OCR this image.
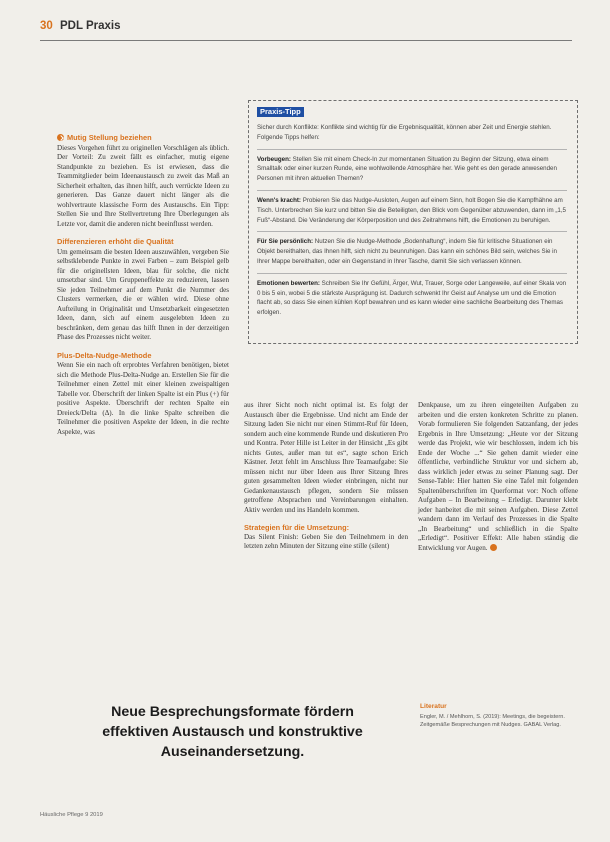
30 PDL Praxis
Praxis-Tipp

Sicher durch Konflikte: Konflikte sind wichtig für die Ergebnisqualität, können aber Zeit und Energie stehlen. Folgende Tipps helfen:

Vorbeugen: Stellen Sie mit einem Check-In zur momentanen Situation zu Beginn der Sitzung, etwa einem Smalltalk oder einer kurzen Runde, eine wohlwollende Atmosphäre her. Wie geht es den gerade anwesenden Personen mit ihren aktuellen Themen?

Wenn's kracht: Probieren Sie das Nudge-Ausloten, Augen auf einem Sinn, holt Bogen Sie die Kampfhähne am Tisch. Unterbrechen Sie kurz und bitten Sie die Beteiligten, den Blick vom Gegenüber abzuwenden, dann im „1,5 Fuß“-Abstand. Die Veränderung der Körperposition und des Zeitrahmens hilft, die Emotionen zu beruhigen.

Für Sie persönlich: Nutzen Sie die Nudge-Methode „Bodenhaftung“, indem Sie für kritische Situationen ein Objekt bereithalten, das Ihnen hilft, sich nicht zu beunruhigen. Das kann ein schönes Bild sein, welches Sie in Ihrer Mappe bereithalten, oder ein Gegenstand in Ihrer Tasche, damit Sie sich verlassen können.

Emotionen bewerten: Schreiben Sie Ihr Gefühl, Ärger, Wut, Trauer, Sorge oder Langeweile, auf einer Skala von 0 bis 5 ein, wobei 5 die stärkste Ausprägung ist. Dadurch schwenkt Ihr Geist auf Analyse um und die Emotion flacht ab, so dass Sie einen kühlen Kopf bewahren und es kann wieder eine sachliche Bearbeitung des Themas erfolgen.

Mutig Stellung beziehen

Dieses Vorgehen führt zu originellen Vorschlägen als üblich. Der Vorteil: Zu zweit fällt es einfacher, mutig eigene Standpunkte zu beziehen. Es ist erwiesen, dass die Teammitglieder beim Ideenaustausch zu zweit das Maß an Sicherheit erhalten, das ihnen hilft, auch verrückte Ideen zu generieren. Das Ganze dauert nicht länger als die wohlvertraute klassische Form des Austauschs. Ein Tipp: Stellen Sie und Ihre Stellvertretung Ihre Überlegungen als Letzte vor, damit die anderen nicht beeinflusst werden.

Differenzieren erhöht die Qualität

Um gemeinsam die besten Ideen auszuwählen, vergeben Sie selbstklebende Punkte in zwei Farben – zum Beispiel gelb für die originellsten Ideen, blau für solche, die nicht umsetzbar sind. Um Gruppeneffekte zu reduzieren, lassen Sie jeden Teilnehmer auf dem Punkt die Nummer des Clusters vermerken, die er wählen wird. Diese ohne Aufteilung in Originalität und Umsetzbarkeit eingesetzten Ideen, dann, sich auf einem ausgelebten Ideen zu beschränken, dem genau das hilft Ihnen in der derzeitigen Phase des Prozesses nicht weiter.

Plus-Delta-Nudge-Methode

Wenn Sie ein nach oft erprobtes Verfahren benötigen, bietet sich die Methode Plus-Delta-Nudge an. Erstellen Sie für die Teilnehmer einen Zettel mit einer kleinen zweispaltigen Tabelle vor. Überschrift der linken Spalte ist ein Plus (+) für positive Aspekte. Überschrift der rechten Spalte ein Dreieck/Delta (Δ). In die linke Spalte schreiben die Teilnehmer die positiven Aspekte der Ideen, in die rechte Aspekte, was

aus ihrer Sicht noch nicht optimal ist. Es folgt der Austausch über die Ergebnisse. Und nicht am Ende der Sitzung laden Sie nicht nur einen Stimmt-Ruf für Ideen, sondern auch eine kommende Runde und diskutieren Pro und Kontra. Peter Hille ist Leiter in der Hinsicht „Es gibt nichts Gutes, außer man tut es“, sagte schon Erich Kästner. Jetzt fehlt im Anschluss Ihre Teamaufgabe: Sie müssen nicht nur über Ideen aus Ihrer Sitzung Ihres guten gesammelten Ideen wieder einbringen, nicht nur Gedankenaustausch pflegen, sondern Sie müssen getroffene Absprachen und Vereinbarungen einhalten. Aktiv werden und ins Handeln kommen.

Strategien für die Umsetzung:

Das Silent Finish: Geben Sie den Teilnehmern in den letzten zehn Minuten der Sitzung eine stille (silent)

Denkpause, um zu ihren eingeteilten Aufgaben zu arbeiten und die ersten konkreten Schritte zu planen. Vorab formulieren Sie folgenden Satzanfang, der jedes Ergebnis in Ihre Umsetzung: „Heute vor der Sitzung werde das Projekt, wie wir beschlossen, indem ich bis Ende der Woche ...“ Sie gehen damit wieder eine öffentliche, verbindliche Struktur vor und sichern ab, dass wirklich jeder etwas zu seiner Planung sagt. Der Sense-Table: Hier hatten Sie eine Tafel mit folgenden Spaltenüberschriften im Querformat vor: Noch offene Aufgaben – In Bearbeitung – Erledigt. Darunter klebt jeder hanbeitet die mit seinen Aufgaben. Diese Zettel wandern dann im Verlauf des Prozesses in die Spalte „In Bearbeitung“ und schließlich in die Spalte „Erledigt“. Positiver Effekt: Alle haben ständig die Entwicklung vor Augen.

Neue Besprechungsformate fördern
effektiven Austausch und konstruktive
Auseinandersetzung.
Literatur
Engler, M. / Mehlhorn, S. (2019): Meetings, die begeistern. Zeitgemäße Besprechungen mit Nudges. GABAL Verlag.
Häusliche Pflege 9 2019
